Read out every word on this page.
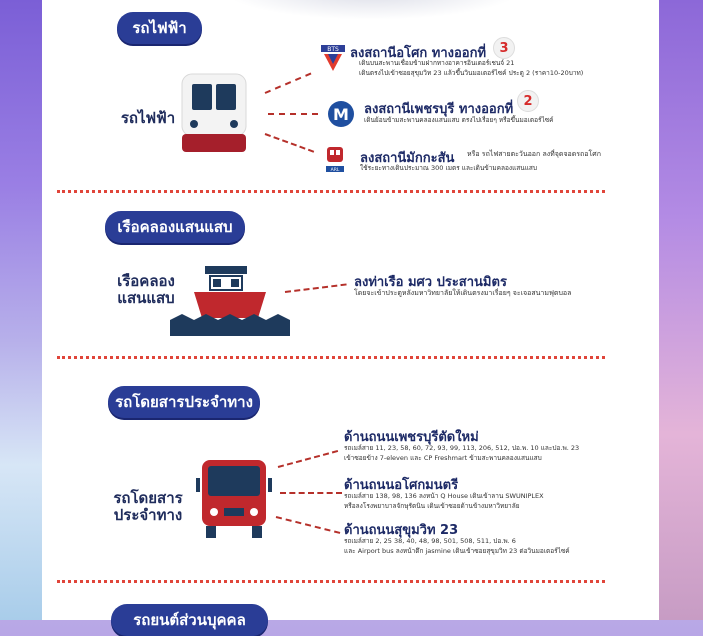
รถไฟฟ้า
รถไฟฟ้า
BTS ลงสถานีอโศก ทางออกที่	3
เดินบนสะพานเชื่อมข้ามฝากทางอาคารอินเตอร์เชนจ์ 21
เดินตรงไปเข้าซอยสุขุมวิท 23 แล้วขึ้นวินมอเตอร์ไซค์ ประตู 2 (ราคา10-20บาท)
M	ลงสถานีเพชรบุรี ทางออกที่
2
เดินย้อนข้ามสะพานคลองแสนแสบ ตรงไปเรื่อยๆ หรือขึ้นมอเตอร์ไซค์
ARL
ลงสถานีมักกะสัน หรือ รถไฟสายตะวันออก ลงที่จุดจอดรถอโศก
ใช้ระยะทางเดินประมาณ 300 เมตร และเดินข้ามคลองแสนแสบ
เรือคลองแสนแสบ
เรือคลอง
แสนแสบ
ลงท่าเรือ มศว ประสานมิตร
โดยจะเข้าประตูหลังมหาวิทยาลัยให้เดินตรงมาเรื่อยๆ จะเจอสนามฟุตบอล
รถโดยสารประจำทาง
รถโดยสาร
ประจำทาง
ด้านถนนเพชรบุรีตัดใหม่
รถเมล์สาย 11, 23, 58, 60, 72, 93, 99, 113, 206, 512, ปอ.พ. 10 และปอ.พ. 23
เข้าซอยข้าง 7-eleven และ CP Freshmart ข้ามสะพานคลองแสนแสบ
ด้านถนนอโศกมนตรี
รถเมล์สาย 138, 98, 136 ลงหน้า Q House เดินเข้าลาน SWUNIPLEX
หรือลงโรงพยาบาลจักษุรัตนิน เดินเข้าซอยด้านข้างมหาวิทยาลัย
ด้านถนนสุขุมวิท 23
รถเมล์สาย 2, 25 38, 40, 48, 98, 501, 508, 511, ปอ.พ. 6
และ Airport bus ลงหน้าตึก jasmine เดินเข้าซอยสุขุมวิท 23 ต่อวินมอเตอร์ไซค์
รถยนต์ส่วนบุคคล
